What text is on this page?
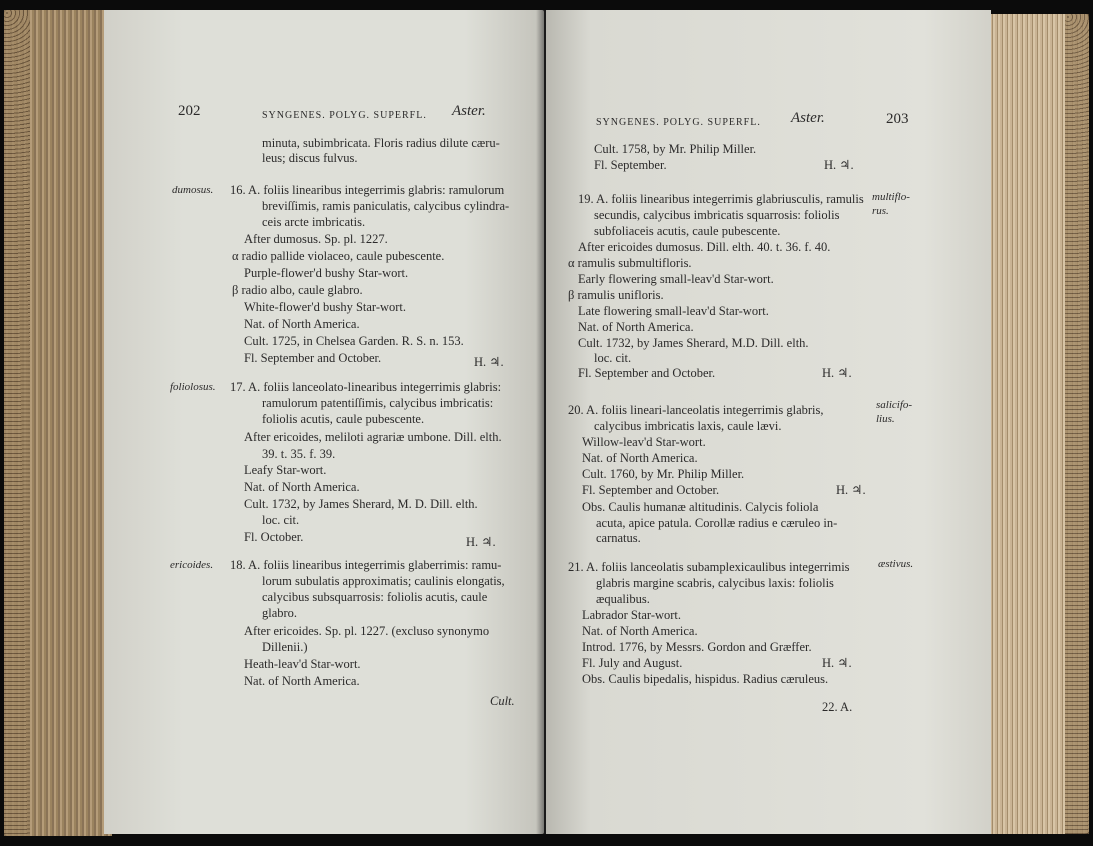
202	SYNGENES. POLYG. SUPERFL. Aster.
minuta, subimbricata. Floris radius dilute cæru-
leus; discus fulvus.
dumosus. 16. A. foliis linearibus integerrimis glabris: ramulorum
breviſſimis, ramis paniculatis, calycibus cylindra-
ceis arcte imbricatis.
After dumosus. Sp. pl. 1227.
α radio pallide violaceo, caule pubescente.
Purple-flower'd bushy Star-wort.
β radio albo, caule glabro.
White-flower'd bushy Star-wort.
Nat. of North America.
Cult. 1725, in Chelsea Garden. R. S. n. 153.
Fl. September and October.	H. ♃.
foliolosus. 17. A. foliis lanceolato-linearibus integerrimis glabris:
ramulorum patentiſſimis, calycibus imbricatis:
foliolis acutis, caule pubescente.
After ericoides, meliloti agrariæ umbone. Dill. elth.
39. t. 35. f. 39.
Leafy Star-wort.
Nat. of North America.
Cult. 1732, by James Sherard, M. D. Dill. elth.
loc. cit.
Fl. October.	H. ♃.
ericoides. 18. A. foliis linearibus integerrimis glaberrimis: ramu-
lorum subulatis approximatis; caulinis elongatis,
calycibus subsquarrosis: foliolis acutis, caule
glabro.
After ericoides. Sp. pl. 1227. (excluso synonymo
Dillenii.)
Heath-leav'd Star-wort.
Nat. of North America.
Cult.
SYNGENES. POLYG. SUPERFL. Aster.	203
Cult. 1758, by Mr. Philip Miller.
Fl. September.	H. ♃.
19. A. foliis linearibus integerrimis glabriusculis, ramulis multiflo-
rus.
secundis, calycibus imbricatis squarrosis: foliolis
subfoliaceis acutis, caule pubescente.
After ericoides dumosus. Dill. elth. 40. t. 36. f. 40.
α ramulis submultifloris.
Early flowering small-leav'd Star-wort.
β ramulis unifloris.
Late flowering small-leav'd Star-wort.
Nat. of North America.
Cult. 1732, by James Sherard, M.D. Dill. elth.
loc. cit.
Fl. September and October.	H. ♃.
20. A. foliis lineari-lanceolatis integerrimis glabris,	salicifo-
lius.
calycibus imbricatis laxis, caule lævi.
Willow-leav'd Star-wort.
Nat. of North America.
Cult. 1760, by Mr. Philip Miller.
Fl. September and October.	H. ♃.
Obs. Caulis humanæ altitudinis. Calycis foliola
acuta, apice patula. Corollæ radius e cæruleo in-
carnatus.
21. A. foliis lanceolatis subamplexicaulibus integerrimis	æstivus.
glabris margine scabris, calycibus laxis: foliolis
æqualibus.
Labrador Star-wort.
Nat. of North America.
Introd. 1776, by Messrs. Gordon and Græffer.
Fl. July and August.	H. ♃.
Obs. Caulis bipedalis, hispidus. Radius cæruleus.
22. A.
